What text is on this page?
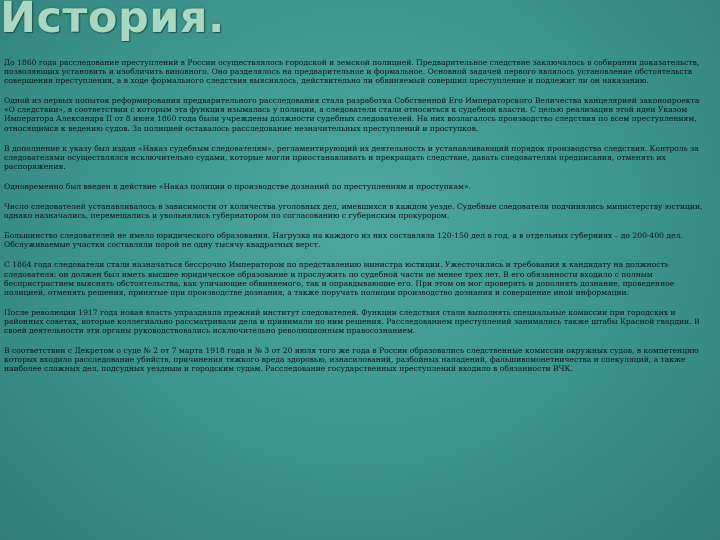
История.

До 1860 года расследование преступлений в России осуществлялось городской и земской полицией. Предварительное следствие заключалось в собирании доказательств, позволяющих установить и изобличить виновного. Оно разделялось на предварительное и формальное. Основной задачей первого являлось установление обстоятельств совершения преступления, а в ходе формального следствия выяснялось, действительно ли обвиняемый совершил преступление и подлежит ли он наказанию.

Одной из первых попыток реформирования предварительного расследования стала разработка Собственной Его Императорского Величества канцелярией законопроекта «О следствии», в соответствии с которым эта функция изымалась у полиции, а следователи стали относиться к судебной власти. С целью реализации этой идеи Указом Императора Александра II от 8 июня 1860 года были учреждены должности судебных следователей. На них возлагалось производство следствия по всем преступлениям, относящимся к ведению судов. За полицией оставалось расследование незначительных преступлений и проступков.

В дополнение к указу был издан «Наказ судебным следователям», регламентирующий их деятельность и устанавливающий порядок производства следствия. Контроль за следователями осуществлялся исключительно судами, которые могли приостанавливать и прекращать следствие, давать следователям предписания, отменять их распоряжения.

Одновременно был введен в действие «Наказ полиции о производстве дознаний по преступлениям и проступкам».

Число следователей устанавливалось в зависимости от количества уголовных дел, имевшихся в каждом уезде. Судебные следователи подчинялись министерству юстиции, однако назначались, перемещались и увольнялись губернатором по согласованию с губернским прокурором.

Большинство следователей не имело юридического образования. Нагрузка на каждого из них составляла 120-150 дел в год, а в отдельных губерниях – до 200-400 дел. Обслуживаемые участки составляли порой не одну тысячу квадратных верст.

С 1864 года следователи стали назначаться бессрочно Императором по представлению министра юстиции. Ужесточились и требования к кандидату на должность следователя: он должен был иметь высшее юридическое образование и прослужить по судебной части не менее трех лет. В его обязанности входило с полным беспристрастием выяснять обстоятельства, как уличающие обвиняемого, так и оправдывающие его. При этом он мог проверять и дополнять дознание, проведенное полицией, отменять решения, принятые при производстве дознания, а также поручать полиции производство дознания и совершение иной информации.

После революции 1917 года новая власть упраздняла прежний институт следователей. Функции следствия стали выполнять специальные комиссии при городских и районных советах, которые коллегиально рассматривали дела и принимали по ним решения. Расследованием преступлений занимались также штабы Красной гвардии. В своей деятельности эти органы руководствовались исключительно революционным правосознанием.

В соответствии с Декретом о суде № 2 от 7 марта 1918 года и № 3 от 20 июля того же года в России образовались следственные комиссии окружных судов, в компетенцию которых входило расследование убийств, причинения тяжкого вреда здоровью, изнасилований, разбойных нападений, фальшивомонетничества и спекуляций, а также наиболее сложных дел, подсудных уездным и городским судам. Расследование государственных преступлений входило в обязанности ВЧК.
